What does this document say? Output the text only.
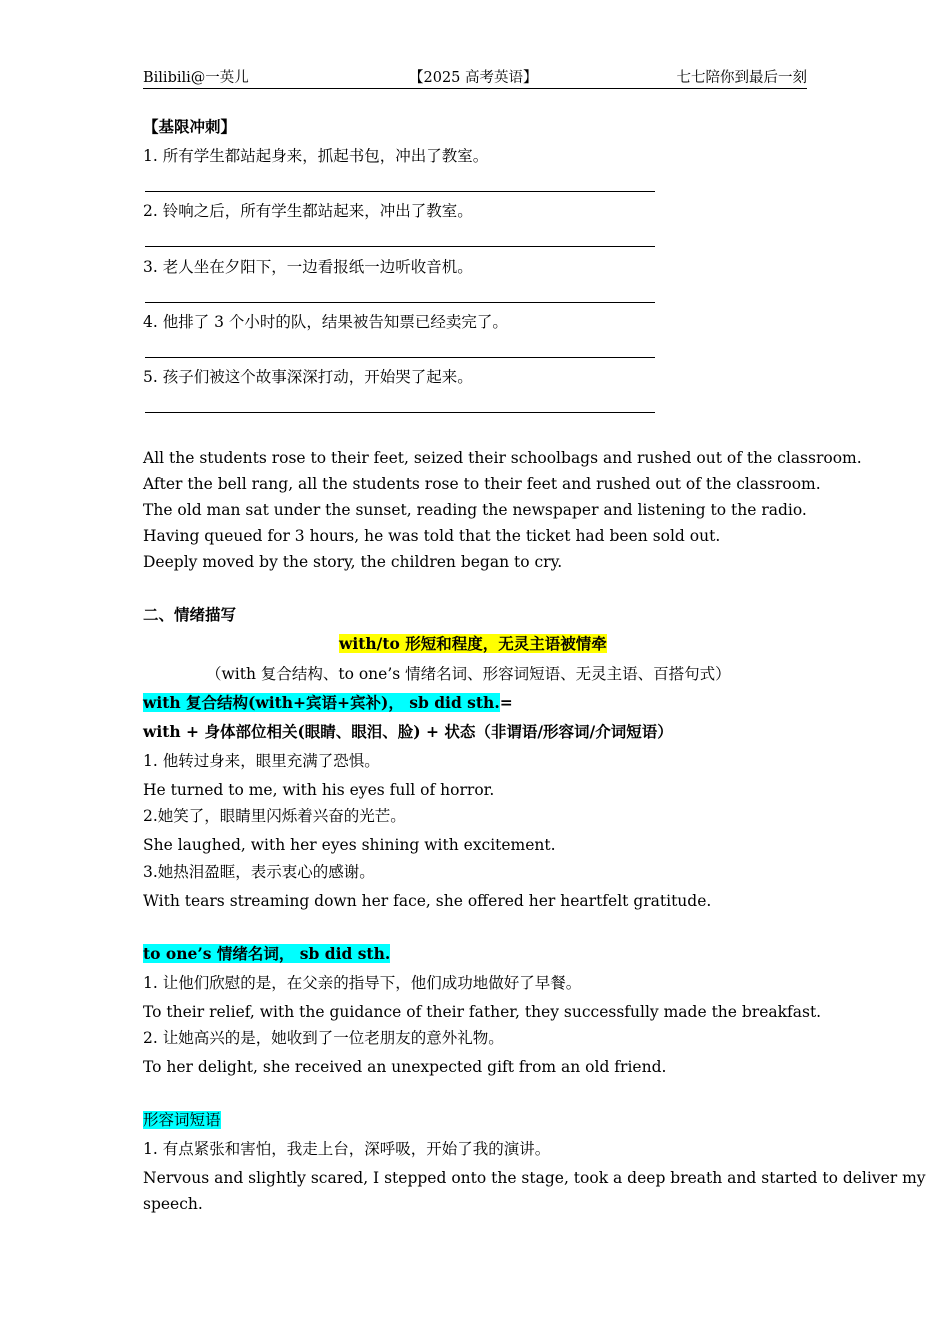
Bilibili@一英儿	【2025 高考英语】	七七陪你到最后一刻
【基限冲刺】
1. 所有学生都站起身来，抓起书包，冲出了教室。
2. 铃响之后，所有学生都站起来，冲出了教室。
3. 老人坐在夕阳下，一边看报纸一边听收音机。
4. 他排了 3 个小时的队，结果被告知票已经卖完了。
5. 孩子们被这个故事深深打动，开始哭了起来。
All the students rose to their feet, seized their schoolbags and rushed out of the classroom.
After the bell rang, all the students rose to their feet and rushed out of the classroom.
The old man sat under the sunset, reading the newspaper and listening to the radio.
Having queued for 3 hours, he was told that the ticket had been sold out.
Deeply moved by the story, the children began to cry.
二、情绪描写
with/to 形短和程度，无灵主语被情牵
（with 复合结构、to one’s 情绪名词、形容词短语、无灵主语、百搭句式）
with 复合结构(with+宾语+宾补)， sb did sth.=
with + 身体部位相关(眼睛、眼泪、脸) + 状态（非谓语/形容词/介词短语）
1. 他转过身来，眼里充满了恐惧。
He turned to me, with his eyes full of horror.
2.她笑了，眼睛里闪烁着兴奋的光芒。
She laughed, with her eyes shining with excitement.
3.她热泪盈眶，表示衷心的感谢。
With tears streaming down her face, she offered her heartfelt gratitude.
to one’s 情绪名词， sb did sth.
1. 让他们欣慰的是，在父亲的指导下，他们成功地做好了早餐。
To their relief, with the guidance of their father, they successfully made the breakfast.
2. 让她高兴的是，她收到了一位老朋友的意外礼物。
To her delight, she received an unexpected gift from an old friend.
形容词短语
1. 有点紧张和害怕，我走上台，深呼吸，开始了我的演讲。
Nervous and slightly scared, I stepped onto the stage, took a deep breath and started to deliver my
speech.
